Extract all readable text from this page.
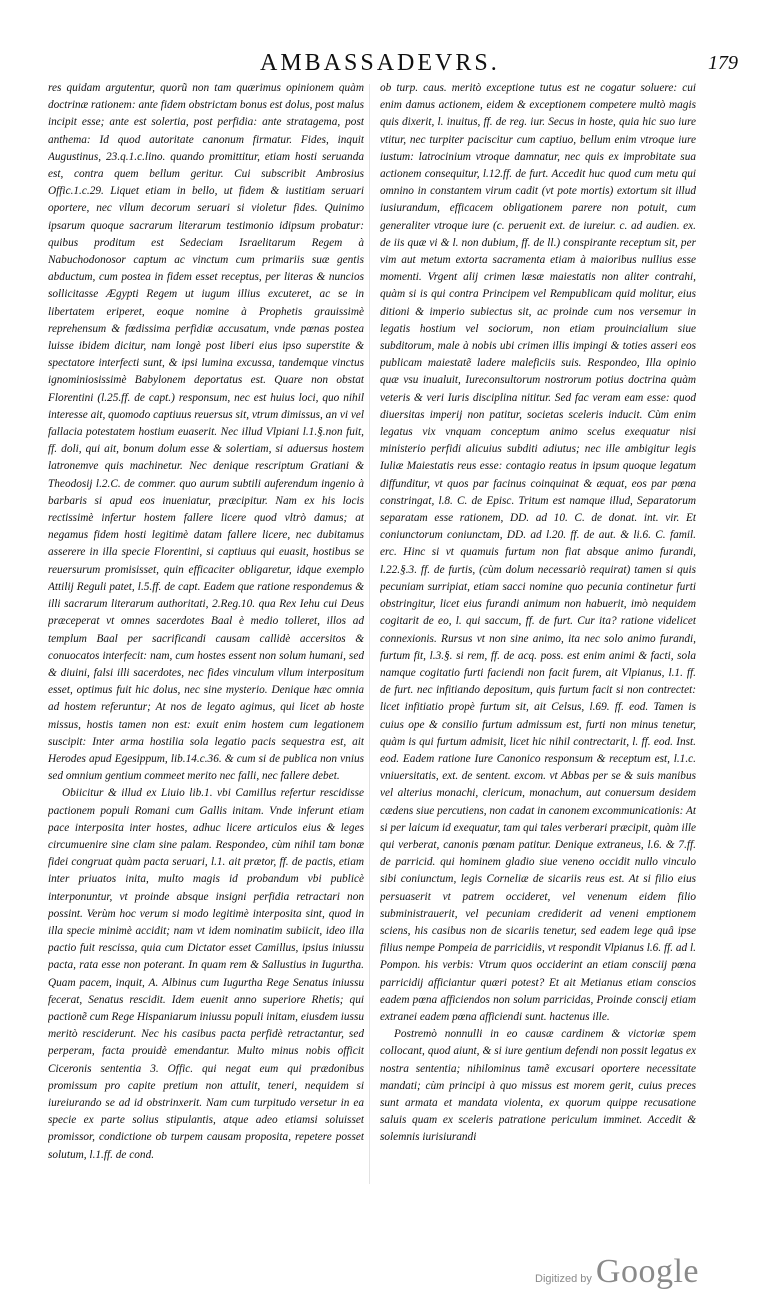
AMBASSADEVRS.	179

res quidam argutentur, quorũ non tam quærimus opinionem quàm doctrinæ rationem: ante fidem obstrictam bonus est dolus, post malus incipit esse; ante est solertia, post perfidia: ante stratagema, post anthema: Id quod autoritate canonum firmatur. Fides, inquit Augustinus, 23.q.1.c.lino. quando promittitur, etiam hosti seruanda est, contra quem bellum geritur. Cui subscribit Ambrosius Offic.1.c.29. Liquet etiam in bello, ut fidem & iustitiam seruari oportere, nec vllum decorum seruari si violetur fides. Quinimo ipsarum quoque sacrarum literarum testimonio idipsum probatur: quibus proditum est Sedeciam Israelitarum Regem à Nabuchodonosor captum ac vinctum cum primariis suæ gentis abductum, cum postea in fidem esset receptus, per literas & nuncios sollicitasse Ægypti Regem ut iugum illius excuteret, ac se in libertatem eriperet, eoque nomine à Prophetis grauissimè reprehensum & fœdissima perfidiæ accusatum, vnde pœnas postea luisse ibidem dicitur, nam longè post liberi eius ipso superstite & spectatore interfecti sunt, & ipsi lumina excussa, tandemque vinctus ignominiosissimè Babylonem deportatus est. Quare non obstat Florentini (l.25.ff. de capt.) responsum, nec est huius loci, quo nihil interesse ait, quomodo captiuus reuersus sit, vtrum dimissus, an vi vel fallacia potestatem hostium euaserit. Nec illud Vlpiani l.1.§.non fuit, ff. doli, qui ait, bonum dolum esse & solertiam, si aduersus hostem latronemve quis machinetur. Nec denique rescriptum Gratiani & Theodosij l.2.C. de commer. quo aurum subtili auferendum ingenio à barbaris si apud eos inueniatur, præcipitur. Nam ex his locis rectissimè infertur hostem fallere licere quod vltrò damus; at negamus fidem hosti legitimè datam fallere licere, nec dubitamus asserere in illa specie Florentini, si captiuus qui euasit, hostibus se reuersurum promisisset, quin efficaciter obligaretur, idque exemplo Attilij Reguli patet, l.5.ff. de capt. Eadem que ratione respondemus & illi sacrarum literarum authoritati, 2.Reg.10. qua Rex Iehu cui Deus præceperat vt omnes sacerdotes Baal è medio tolleret, illos ad templum Baal per sacrificandi causam callidè accersitos & conuocatos interfecit: nam, cum hostes essent non solum humani, sed & diuini, falsi illi sacerdotes, nec fides vinculum vllum interpositum esset, optimus fuit hic dolus, nec sine mysterio. Denique hæc omnia ad hostem referuntur; At nos de legato agimus, qui licet ab hoste missus, hostis tamen non est: exuit enim hostem cum legationem suscipit: Inter arma hostilia sola legatio pacis sequestra est, ait Herodes apud Egesippum, lib.14.c.36. & cum si de publica non vnius sed omnium gentium commeet merito nec falli, nec fallere debet.

Obiicitur & illud ex Liuio lib.1. vbi Camillus refertur rescidisse pactionem populi Romani cum Gallis initam. Vnde inferunt etiam pace interposita inter hostes, adhuc licere articulos eius & leges circumuenire sine clam sine palam. Respondeo, cùm nihil tam bonæ fidei congruat quàm pacta seruari, l.1. ait prætor, ff. de pactis, etiam inter priuatos inita, multo magis id probandum vbi publicè interponuntur, vt proinde absque insigni perfidia retractari non possint. Verùm hoc verum si modo legitimè interposita sint, quod in illa specie minimè accidit; nam vt idem nominatim subiicit, ideo illa pactio fuit rescissa, quia cum Dictator esset Camillus, ipsius iniussu pacta, rata esse non poterant. In quam rem & Sallustius in Iugurtha. Quam pacem, inquit, A. Albinus cum Iugurtha Rege Senatus iniussu fecerat, Senatus rescidit. Idem euenit anno superiore Rhetis; qui pactionẽ cum Rege Hispaniarum iniussu populi initam, eiusdem iussu meritò resciderunt. Nec his casibus pacta perfidè retractantur, sed perperam, facta prouidè emendantur. Multo minus nobis officit Ciceronis sententia 3. Offic. qui negat eum qui prædonibus promissum pro capite pretium non attulit, teneri, nequidem si iureiurando se ad id obstrinxerit. Nam cum turpitudo versetur in ea specie ex parte solius stipulantis, atque adeo etiamsi soluisset promissor, condictione ob turpem causam proposita, repetere posset solutum, l.1.ff. de cond.

ob turp. caus. meritò exceptione tutus est ne cogatur soluere: cui enim damus actionem, eidem & exceptionem competere multò magis quis dixerit, l. inuitus, ff. de reg. iur. Secus in hoste, quia hic suo iure vtitur, nec turpiter paciscitur cum captiuo, bellum enim vtroque iure iustum: latrocinium vtroque damnatur, nec quis ex improbitate sua actionem consequitur, l.12.ff. de furt. Accedit huc quod cum metu qui omnino in constantem virum cadit (vt pote mortis) extortum sit illud iusiurandum, efficacem obligationem parere non potuit, cum generaliter vtroque iure (c. peruenit ext. de iureiur. c. ad audien. ex. de iis quæ vi & l. non dubium, ff. de ll.) conspirante receptum sit, per vim aut metum extorta sacramenta etiam à maioribus nullius esse momenti. Vrgent alij crimen læsæ maiestatis non aliter contrahi, quàm si is qui contra Principem vel Rempublicam quid molitur, eius ditioni & imperio subiectus sit, ac proinde cum nos versemur in legatis hostium vel sociorum, non etiam prouincialium siue subditorum, male à nobis ubi crimen illis impingi & toties asseri eos publicam maiestatẽ ladere maleficiis suis. Respondeo, Illa opinio quæ vsu inualuit, Iureconsultorum nostrorum potius doctrina quàm veteris & veri Iuris disciplina nititur. Sed fac veram eam esse: quod diuersitas imperij non patitur, societas sceleris inducit. Cùm enim legatus vix vnquam conceptum animo scelus exequatur nisi ministerio perfidi alicuius subditi adiutus; nec ille ambigitur legis Iuliæ Maiestatis reus esse: contagio reatus in ipsum quoque legatum diffunditur, vt quos par facinus coinquinat & æquat, eos par pœna constringat, l.8. C. de Episc. Tritum est namque illud, Separatorum separatam esse rationem, DD. ad 10. C. de donat. int. vir. Et coniunctorum coniunctam, DD. ad l.20. ff. de aut. & li.6. C. famil. erc. Hinc si vt quamuis furtum non fiat absque animo furandi, l.22.§.3. ff. de furtis, (cùm dolum necessariò requirat) tamen si quis pecuniam surripiat, etiam sacci nomine quo pecunia continetur furti obstringitur, licet eius furandi animum non habuerit, imò nequidem cogitarit de eo, l. qui saccum, ff. de furt. Cur ita? ratione videlicet connexionis. Rursus vt non sine animo, ita nec solo animo furandi, furtum fit, l.3.§. si rem, ff. de acq. poss. est enim animi & facti, sola namque cogitatio furti faciendi non facit furem, ait Vlpianus, l.1. ff. de furt. nec infitiando depositum, quis furtum facit si non contrectet: licet infitiatio propè furtum sit, ait Celsus, l.69. ff. eod. Tamen is cuius ope & consilio furtum admissum est, furti non minus tenetur, quàm is qui furtum admisit, licet hic nihil contrectarit, l. ff. eod. Inst. eod. Eadem ratione Iure Canonico responsum & receptum est, l.1.c. vniuersitatis, ext. de sentent. excom. vt Abbas per se & suis manibus vel alterius monachi, clericum, monachum, aut conuersum desidem cædens siue percutiens, non cadat in canonem excommunicationis: At si per laicum id exequatur, tam qui tales verberari præcipit, quàm ille qui verberat, canonis pœnam patitur. Denique extraneus, l.6. & 7.ff. de parricid. qui hominem gladio siue veneno occidit nullo vinculo sibi coniunctum, legis Corneliæ de sicariis reus est. At si filio eius persuaserit vt patrem occideret, vel venenum eidem filio subministrauerit, vel pecuniam crediderit ad veneni emptionem sciens, his casibus non de sicariis tenetur, sed eadem lege quâ ipse filius nempe Pompeia de parricidiis, vt respondit Vlpianus l.6. ff. ad l. Pompon. his verbis: Vtrum quos occiderint an etiam consciij pœna parricidij afficiantur quæri potest? Et ait Metianus etiam conscios eadem pœna afficiendos non solum parricidas, Proinde conscij etiam extranei eadem pœna afficiendi sunt. hactenus ille.

Postremò nonnulli in eo causæ cardinem & victoriæ spem collocant, quod aiunt, & si iure gentium defendi non possit legatus ex nostra sententia; nihilominus tamẽ excusari oportere necessitate mandati; cùm principi à quo missus est morem gerit, cuius preces sunt armata et mandata violenta, ex quorum quippe recusatione saluis quam ex sceleris patratione periculum imminet. Accedit & solemnis iurisiurandi

Digitized by Google
